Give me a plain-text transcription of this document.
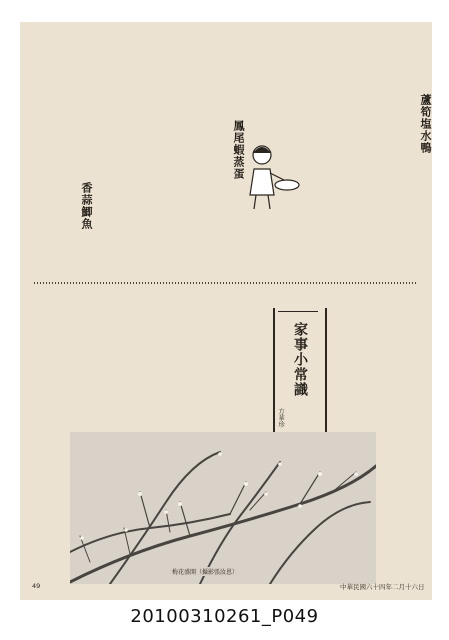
蘆筍塩水鴨

鳳尾蝦蒸蛋

香蒜鯽魚

家事小常識
方華珍

梅花盛開（攝影張汝恩）
49	中華民國六十四年二月十六日
20100310261_P049
